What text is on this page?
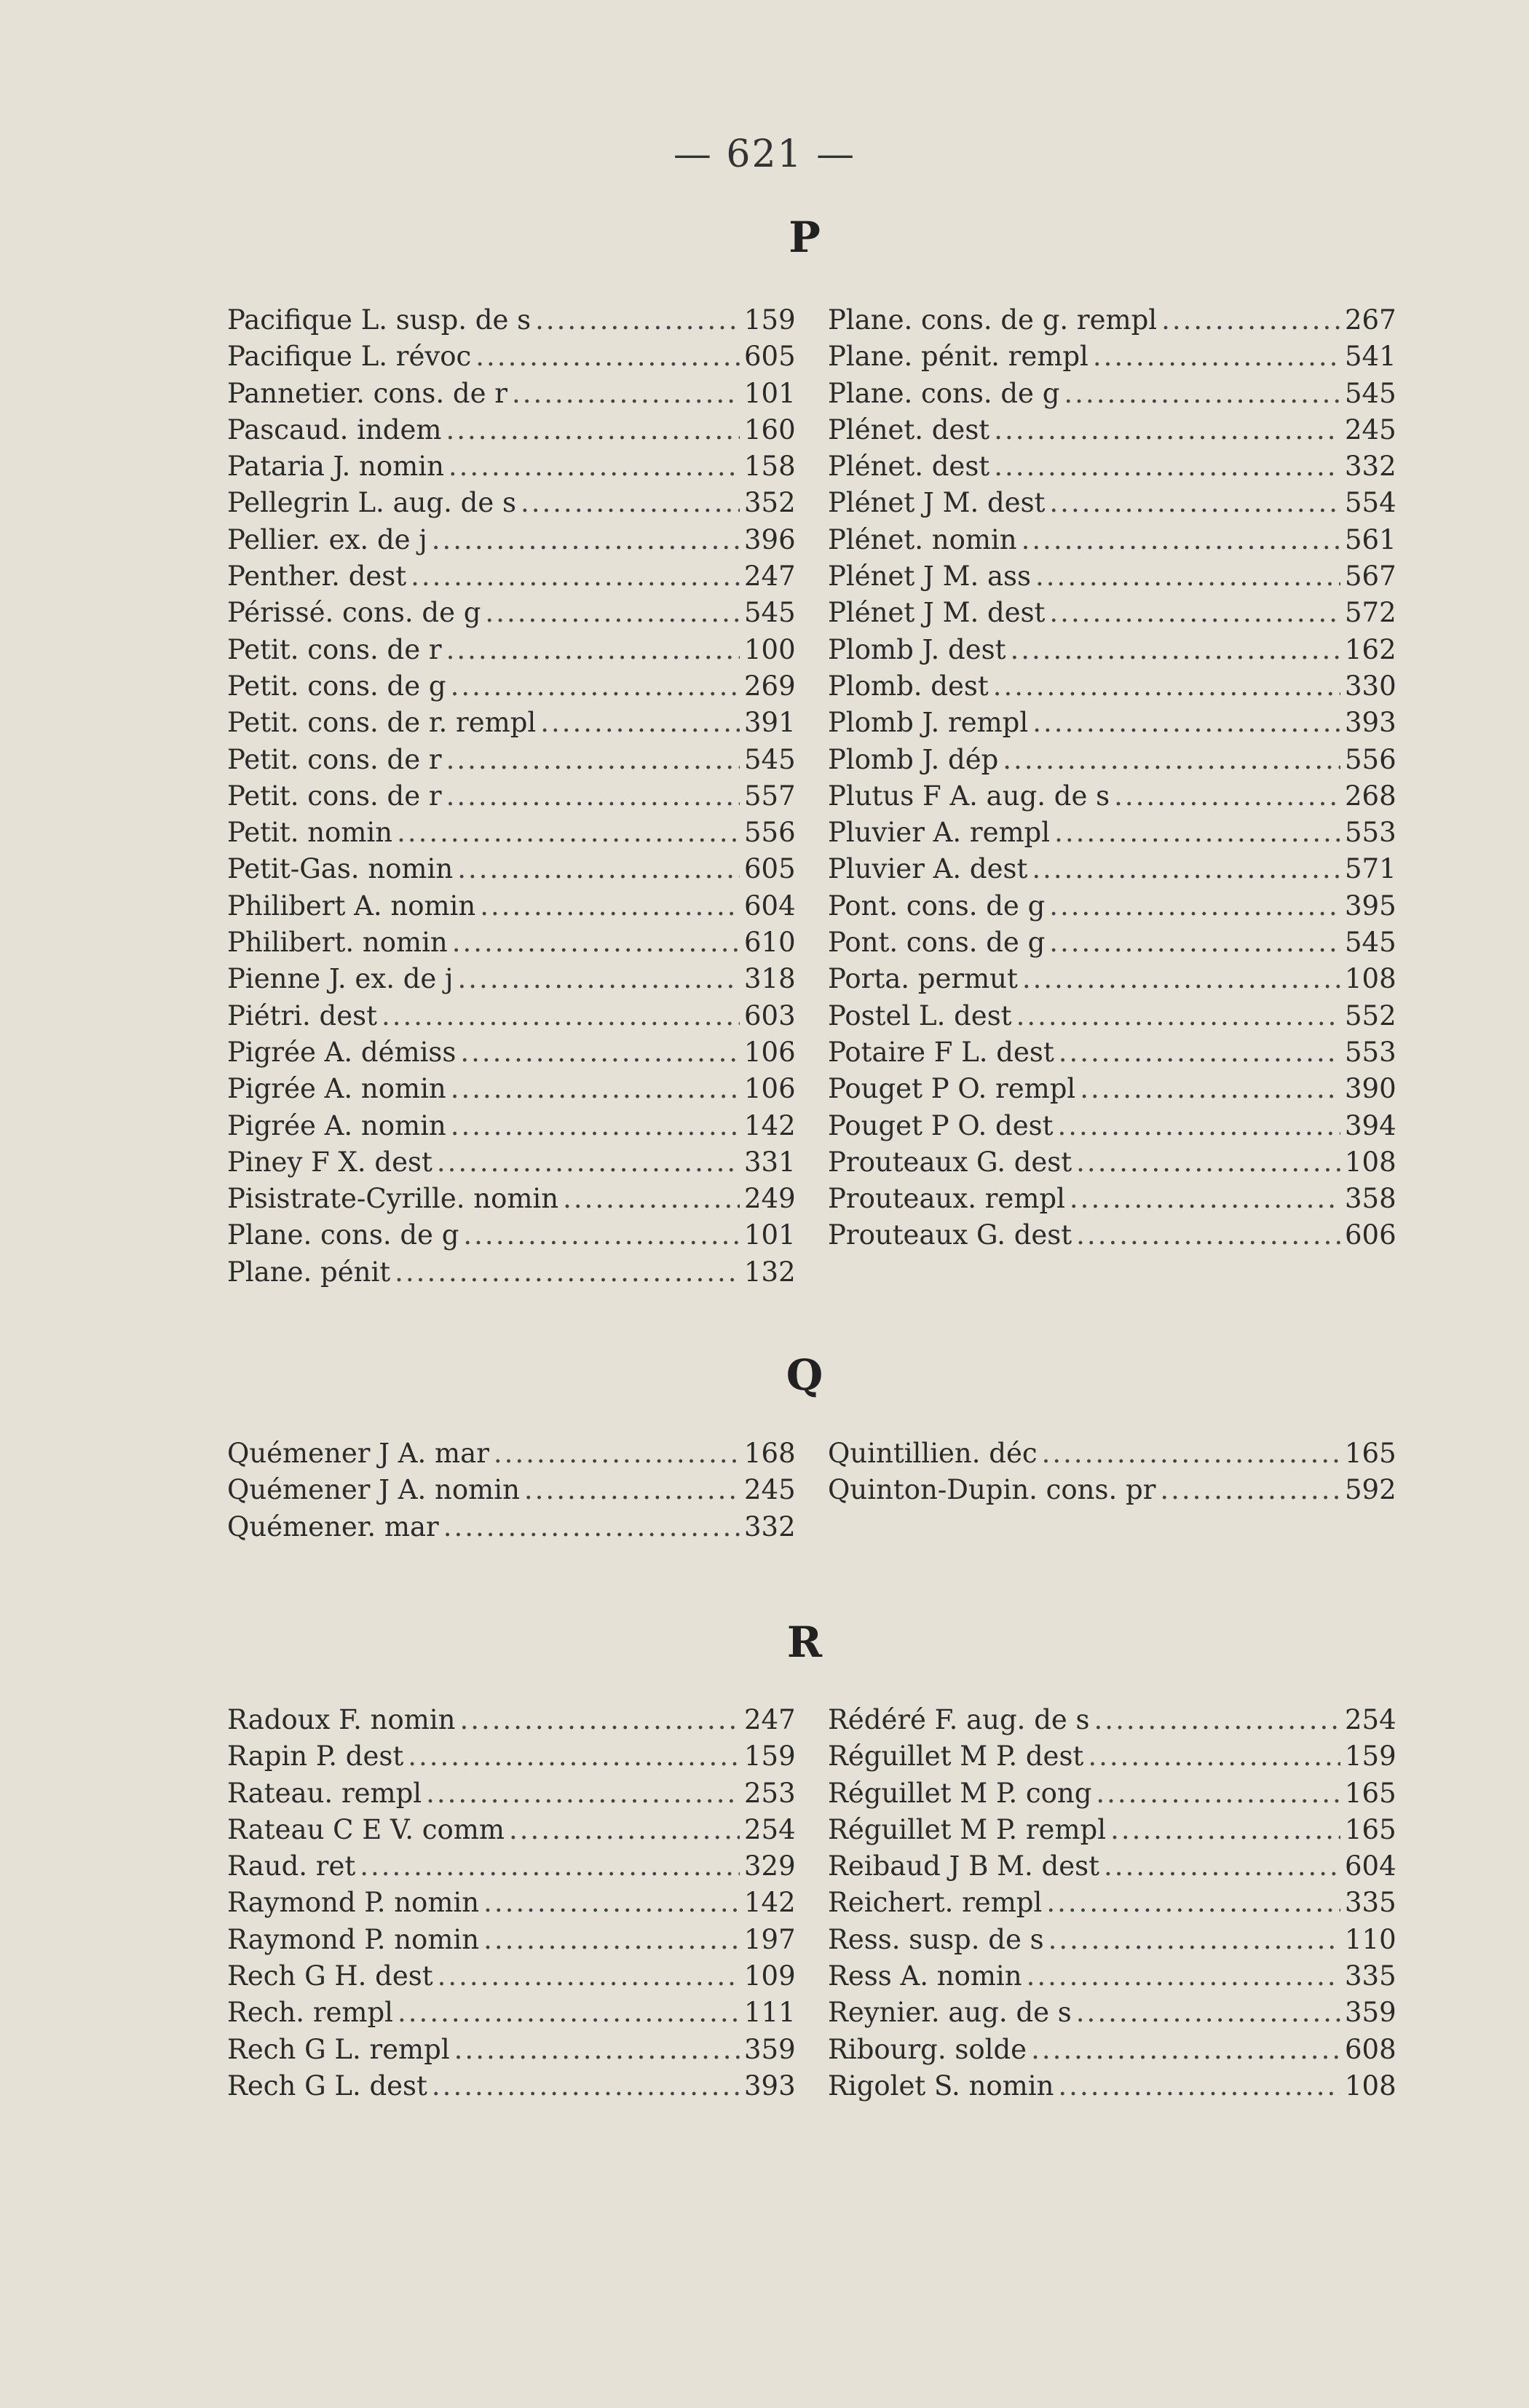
— 621 —
P
Pacifique L. susp. de s .....	159
Pacifique L. révoc .....	605
Pannetier. cons. de r .....	101
Pascaud. indem .....	160
Pataria J. nomin .....	158
Pellegrin L. aug. de s .....	352
Pellier. ex. de j .....	396
Penther. dest .....	247
Périssé. cons. de g .....	545
Petit. cons. de r .....	100
Petit. cons. de g .....	269
Petit. cons. de r. rempl .....	391
Petit. cons. de r .....	545
Petit. cons. de r .....	557
Petit. nomin .....	556
Petit-Gas. nomin .....	605
Philibert A. nomin .....	604
Philibert. nomin .....	610
Pienne J. ex. de j .....	318
Piétri. dest .....	603
Pigrée A. démiss .....	106
Pigrée A. nomin .....	106
Pigrée A. nomin .....	142
Piney F X. dest .....	331
Pisistrate-Cyrille. nomin .....	249
Plane. cons. de g .....	101
Plane. pénit .....	132
Plane. cons. de g. rempl .....	267
Plane. pénit. rempl .....	541
Plane. cons. de g .....	545
Plénet. dest .....	245
Plénet. dest .....	332
Plénet J M. dest .....	554
Plénet. nomin .....	561
Plénet J M. ass .....	567
Plénet J M. dest .....	572
Plomb J. dest .....	162
Plomb. dest .....	330
Plomb J. rempl .....	393
Plomb J. dép .....	556
Plutus F A. aug. de s .....	268
Pluvier A. rempl .....	553
Pluvier A. dest .....	571
Pont. cons. de g .....	395
Pont. cons. de g .....	545
Porta. permut .....	108
Postel L. dest .....	552
Potaire F L. dest .....	553
Pouget P O. rempl .....	390
Pouget P O. dest .....	394
Prouteaux G. dest .....	108
Prouteaux. rempl .....	358
Prouteaux G. dest .....	606
Q
Quémener J A. mar .....	168
Quémener J A. nomin .....	245
Quémener. mar .....	332
Quintillien. déc .....	165
Quinton-Dupin. cons. pr .....	592
R
Radoux F. nomin .....	247
Rapin P. dest .....	159
Rateau. rempl .....	253
Rateau C E V. comm .....	254
Raud. ret .....	329
Raymond P. nomin .....	142
Raymond P. nomin .....	197
Rech G H. dest .....	109
Rech. rempl .....	111
Rech G L. rempl .....	359
Rech G L. dest .....	393
Rédéré F. aug. de s .....	254
Réguillet M P. dest .....	159
Réguillet M P. cong .....	165
Réguillet M P. rempl .....	165
Reibaud J B M. dest .....	604
Reichert. rempl .....	335
Ress. susp. de s .....	110
Ress A. nomin .....	335
Reynier. aug. de s .....	359
Ribourg. solde .....	608
Rigolet S. nomin .....	108
